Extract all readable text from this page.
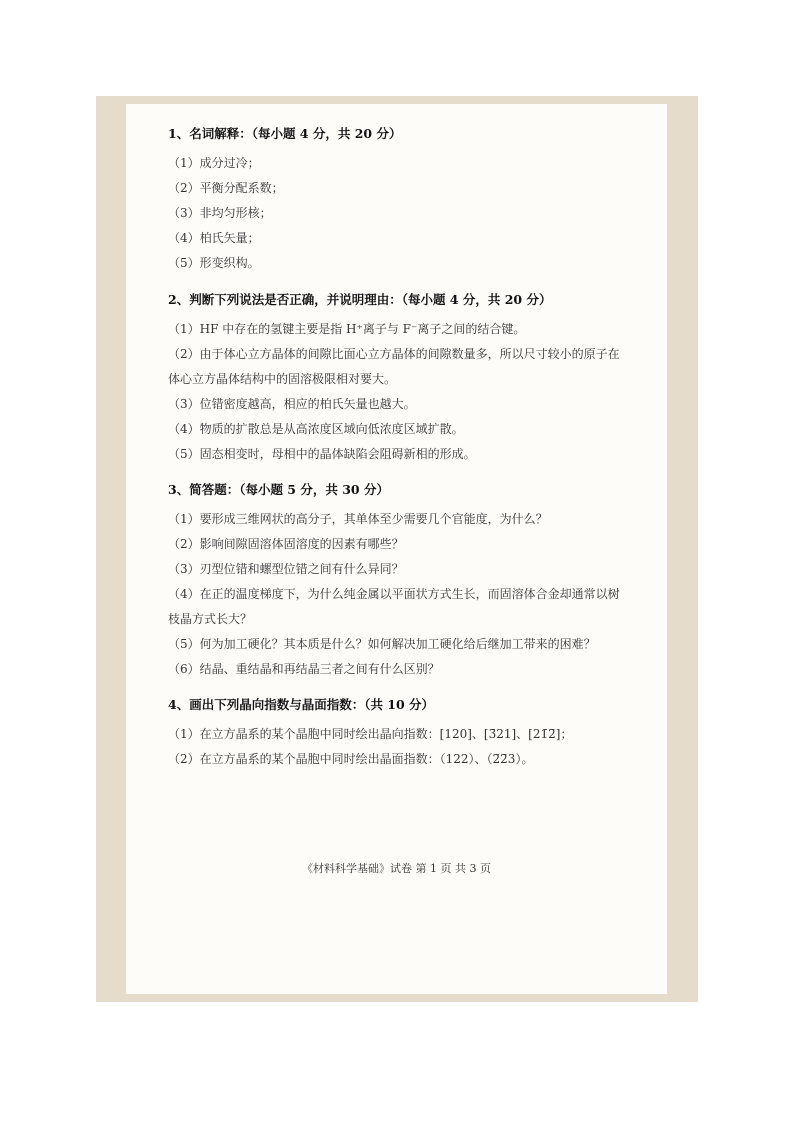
1、名词解释：（每小题 4 分，共 20 分）
（1）成分过冷；
（2）平衡分配系数；
（3）非均匀形核；
（4）柏氏矢量；
（5）形变织构。
2、判断下列说法是否正确，并说明理由：（每小题 4 分，共 20 分）
（1）HF 中存在的氢键主要是指 H⁺离子与 F⁻离子之间的结合键。
（2）由于体心立方晶体的间隙比面心立方晶体的间隙数量多，所以尺寸较小的原子在体心立方晶体结构中的固溶极限相对要大。
（3）位错密度越高，相应的柏氏矢量也越大。
（4）物质的扩散总是从高浓度区域向低浓度区域扩散。
（5）固态相变时，母相中的晶体缺陷会阻碍新相的形成。
3、简答题：（每小题 5 分，共 30 分）
（1）要形成三维网状的高分子，其单体至少需要几个官能度，为什么？
（2）影响间隙固溶体固溶度的因素有哪些？
（3）刃型位错和螺型位错之间有什么异同？
（4）在正的温度梯度下，为什么纯金属以平面状方式生长，而固溶体合金却通常以树枝晶方式长大？
（5）何为加工硬化？其本质是什么？如何解决加工硬化给后继加工带来的困难？
（6）结晶、重结晶和再结晶三者之间有什么区别？
4、画出下列晶向指数与晶面指数：（共 10 分）
（1）在立方晶系的某个晶胞中同时绘出晶向指数：[120]、[3̄21]、[21̄2̄]；
（2）在立方晶系的某个晶胞中同时绘出晶面指数：（122）、（2̄2̄3）。
《材料科学基础》试卷 第 1 页 共 3 页
